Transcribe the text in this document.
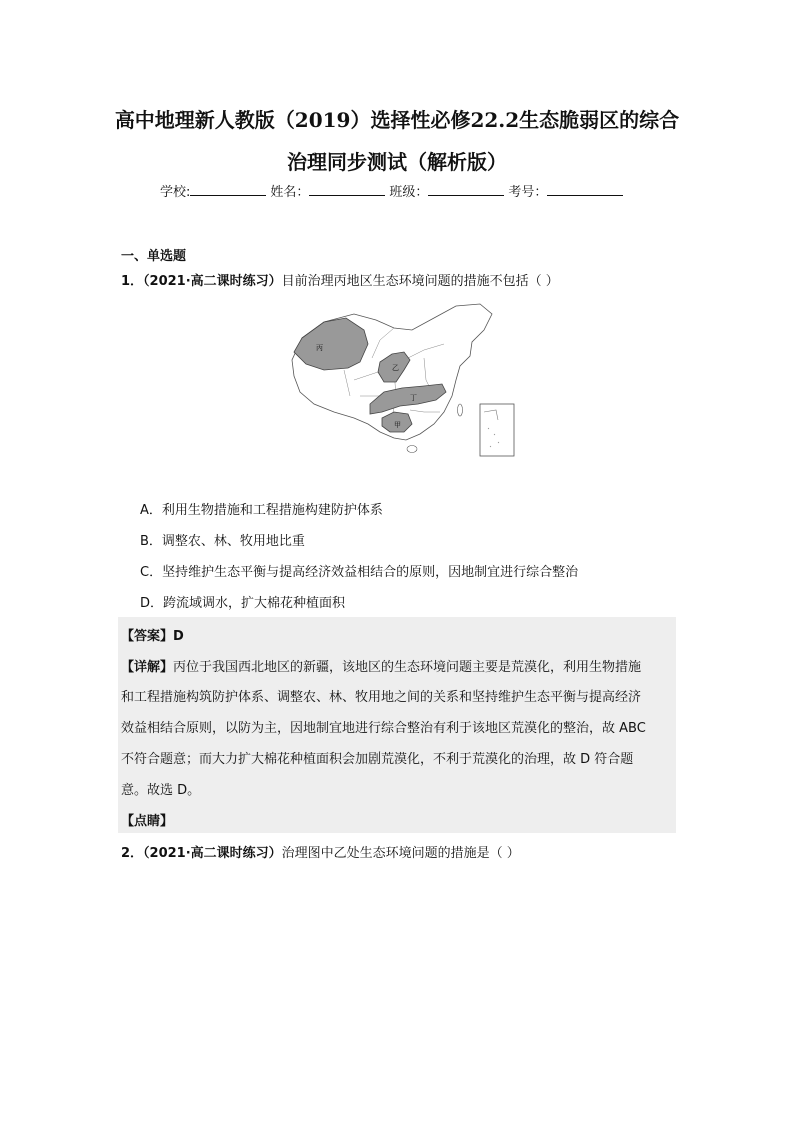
高中地理新人教版（2019）选择性必修22.2生态脆弱区的综合
治理同步测试（解析版）
学校:	姓名：	班级：	考号：
一、单选题
1．（2021·高二课时练习）目前治理丙地区生态环境问题的措施不包括（ ）
丙
乙
丁
甲
A．利用生物措施和工程措施构建防护体系
B．调整农、林、牧用地比重
C．坚持维护生态平衡与提高经济效益相结合的原则，因地制宜进行综合整治
D．跨流域调水，扩大棉花种植面积
【答案】D
【详解】丙位于我国西北地区的新疆，该地区的生态环境问题主要是荒漠化，利用生物措施
和工程措施构筑防护体系、调整农、林、牧用地之间的关系和坚持维护生态平衡与提高经济
效益相结合原则，以防为主，因地制宜地进行综合整治有利于该地区荒漠化的整治，故 ABC
不符合题意；而大力扩大棉花种植面积会加剧荒漠化，不利于荒漠化的治理，故 D 符合题
意。故选 D。
【点睛】
2．（2021·高二课时练习）治理图中乙处生态环境问题的措施是（ ）
